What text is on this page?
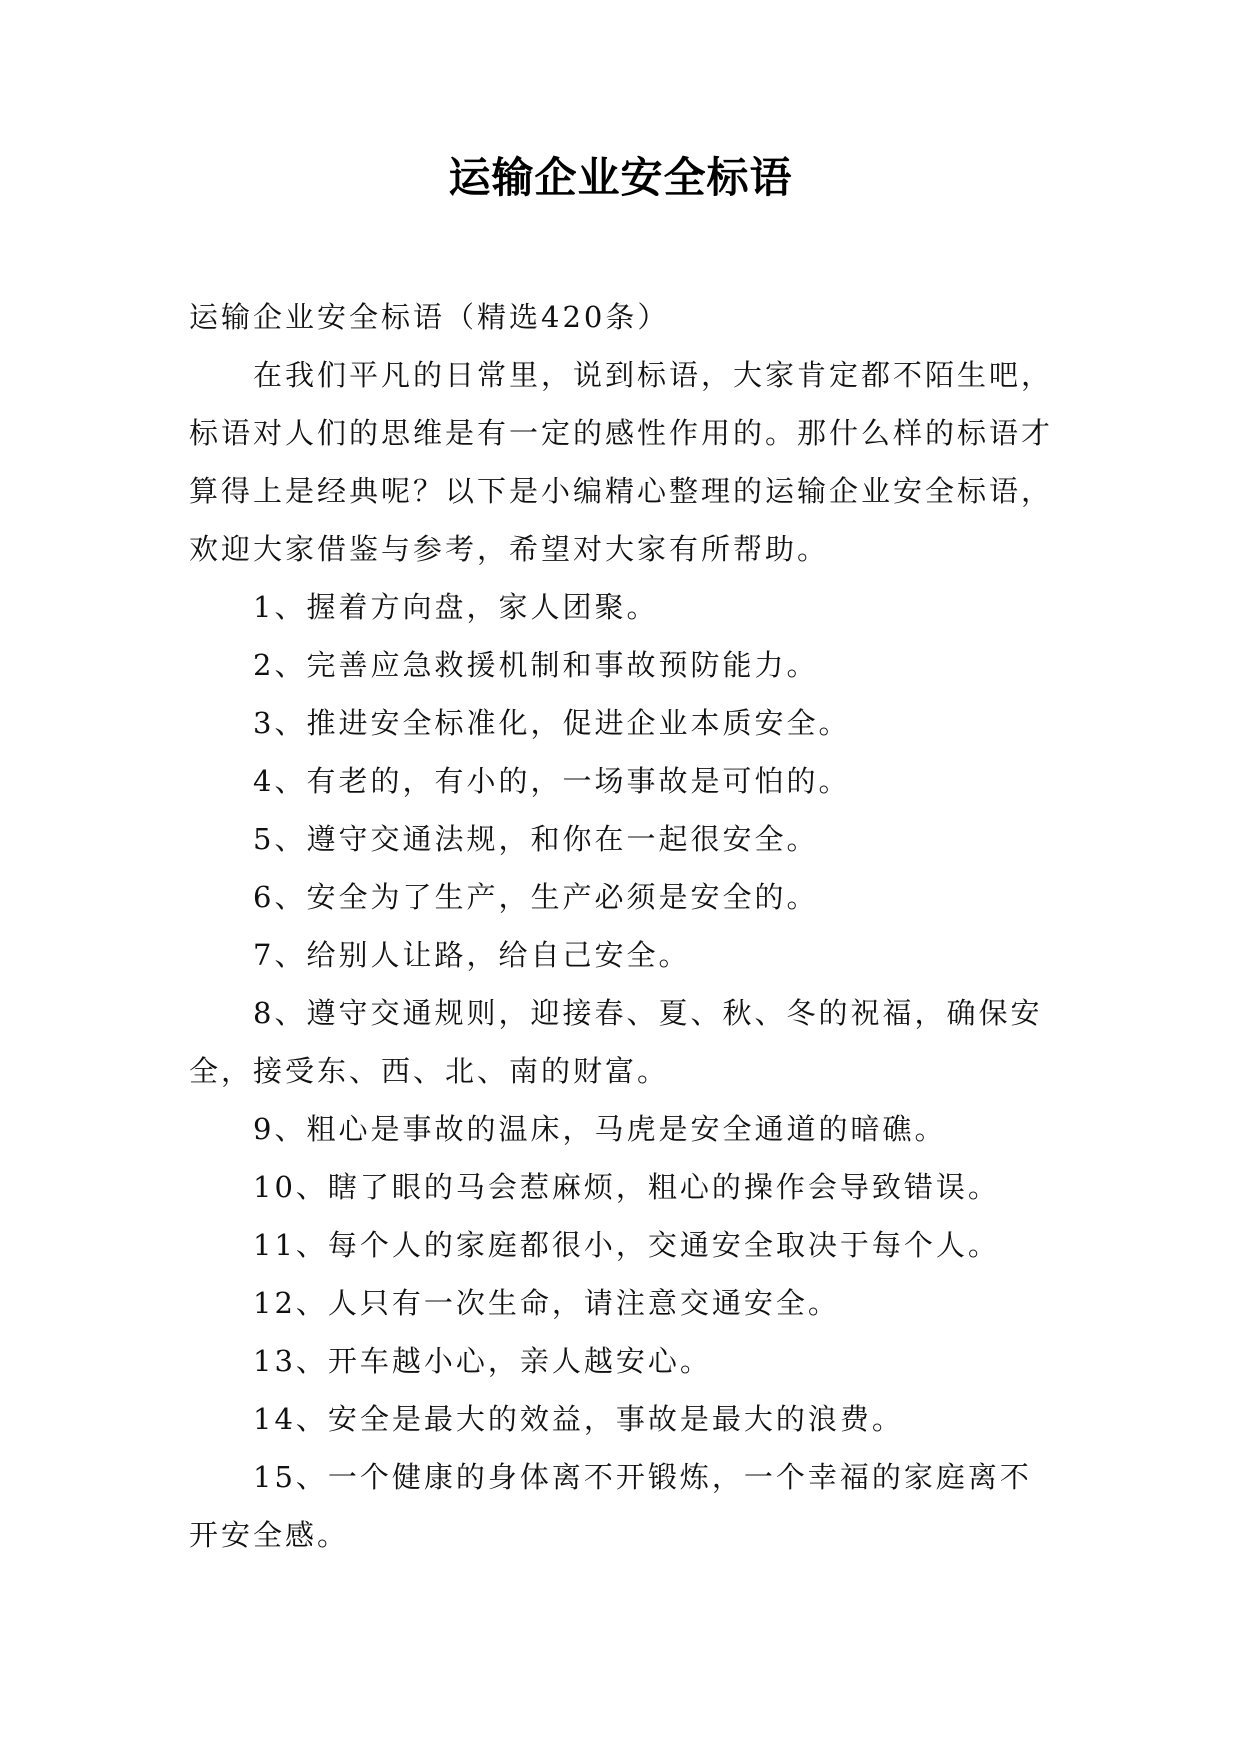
运输企业安全标语

运输企业安全标语（精选420条）

在我们平凡的日常里，说到标语，大家肯定都不陌生吧，标语对人们的思维是有一定的感性作用的。那什么样的标语才算得上是经典呢？以下是小编精心整理的运输企业安全标语，欢迎大家借鉴与参考，希望对大家有所帮助。

1、握着方向盘，家人团聚。

2、完善应急救援机制和事故预防能力。

3、推进安全标准化，促进企业本质安全。

4、有老的，有小的，一场事故是可怕的。

5、遵守交通法规，和你在一起很安全。

6、安全为了生产，生产必须是安全的。

7、给别人让路，给自己安全。

8、遵守交通规则，迎接春、夏、秋、冬的祝福，确保安全，接受东、西、北、南的财富。

9、粗心是事故的温床，马虎是安全通道的暗礁。

10、瞎了眼的马会惹麻烦，粗心的操作会导致错误。

11、每个人的家庭都很小，交通安全取决于每个人。

12、人只有一次生命，请注意交通安全。

13、开车越小心，亲人越安心。

14、安全是最大的效益，事故是最大的浪费。

15、一个健康的身体离不开锻炼，一个幸福的家庭离不开安全感。
